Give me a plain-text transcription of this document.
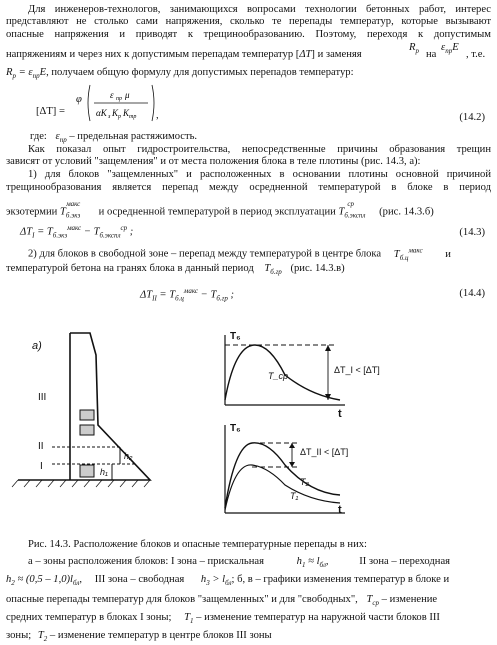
Для инженеров-технологов, занимающихся вопросами технологии бетонных работ, интерес
представляют не столько сами напряжения, сколько те перепады температур, которые вызывают
опасные напряжения и приводят к трещинообразованию. Поэтому, переходя к допустимым
напряжениям и через них к допустимым перепадам температур [ΔT] и заменяя
$R_p$ на
$\varepsilon_{пр}E$
, т.е.
$R_p = \varepsilon_{пр}E$, получаем общую формулу для допустимых перепадов температур:
[ΔT] =
φ	ε пр μ
αK з K p K тр ,	(14.2)
где: $\varepsilon_{пр}$ – предельная растяжимость.
Как показал опыт гидростроительства, непосредственные причины образования трещин
зависят от условий "защемления" и от места положения блока в теле плотины (рис. 14.3, а):
1) для блоков "защемленных" и расположенных в основании плотины основной причиной
трещинообразования является перепад между осредненной температурой в блоке в период
экзотермии $T_{б.экз}^{макс}$ и осредненной температурой в период эксплуатации $T_{б.экспл}^{ср}$ (рис. 14.3.б)
$\Delta T_I = T_{б.экз}^{макс} - T_{б.экспл}^{ср}$ ;	(14.3)
2) для блоков в свободной зоне – перепад между температурой в центре блока $T_{б.ц}^{макс}$ и
температурой бетона на гранях блока в данный период $T_{б.гр}$ (рис. 14.3.в)
$\Delta T_{II} = T_{б.ц}^{макс} - T_{б.гр}$ ;	(14.4)
а)
III
II
I
h₂
h₁
T₆
t
T_ср
ΔT_I < [ΔT]
T₆
t
ΔT_II < [ΔT]
T₂
T₁
Рис. 14.3. Расположение блоков и опасные температурные перепады в них:
а – зоны расположения блоков: I зона – прискальная	$h_1 \approx l_{бл}$,	II зона – переходная
$h_2 \approx (0,5 - 1,0)l_{бл}$, III зона – свободная $h_3 > l_{бл}$; б, в – графики изменения температур в блоке и
опасные перепады температур для блоков "защемленных" и для "свободных", $T_{ср}$ – изменение
средних температур в блоках I зоны; $T_1$ – изменение температур на наружной части блоков III
зоны; $T_2$ – изменение температур в центре блоков III зоны
